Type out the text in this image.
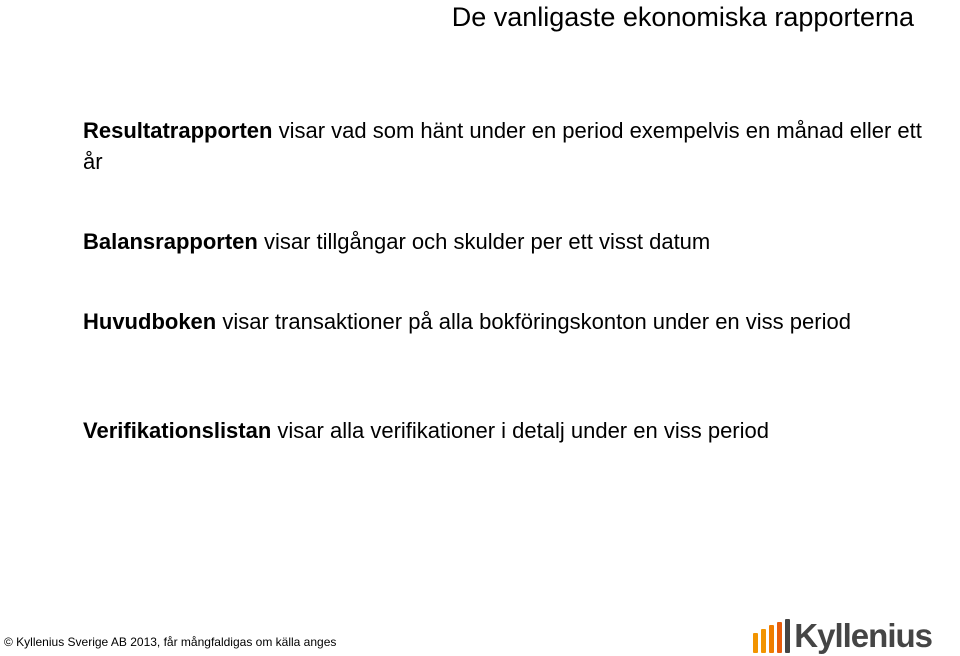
De vanligaste ekonomiska rapporterna
Resultatrapporten visar vad som hänt under en period exempelvis en månad eller ett år
Balansrapporten visar tillgångar och skulder per ett visst datum
Huvudboken visar transaktioner på alla bokföringskonton under en viss period
Verifikationslistan visar alla verifikationer i detalj under en viss period
© Kyllenius Sverige AB 2013, får mångfaldigas om källa anges	Kyllenius
